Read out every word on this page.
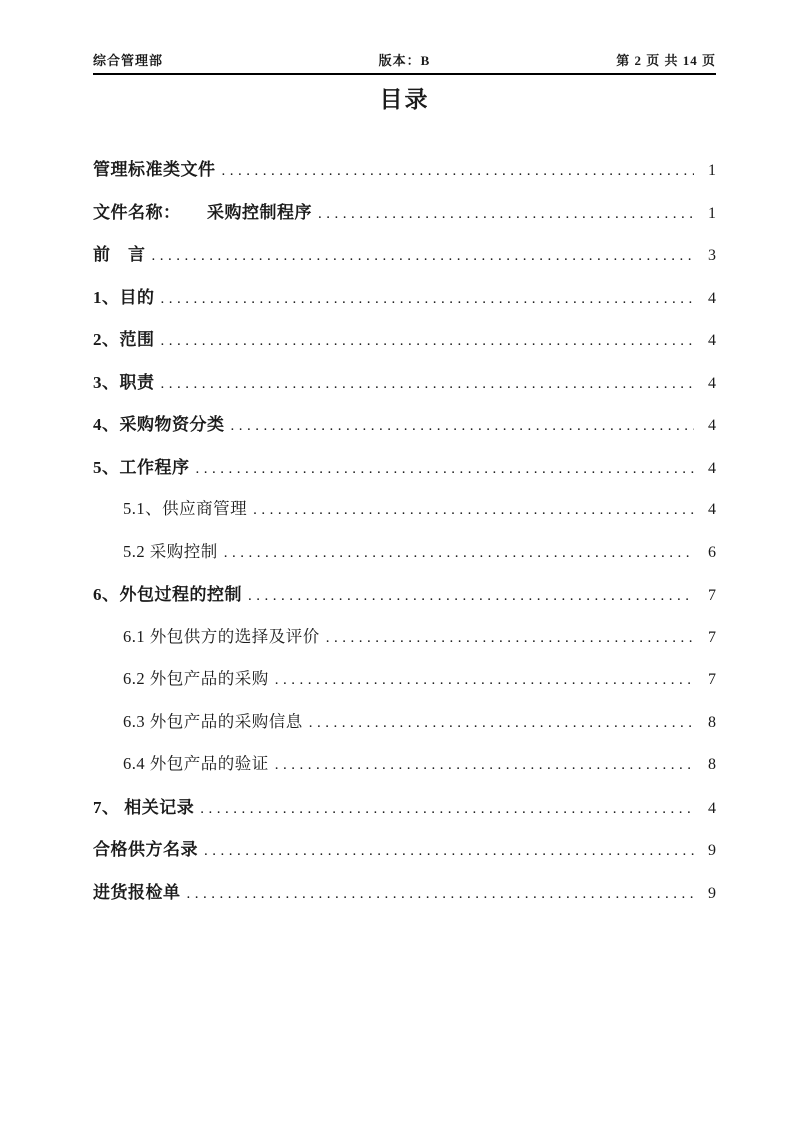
综合管理部	版本：B	第 2 页 共 14 页
目录
管理标准类文件 .....	1
文件名称：　　采购控制程序 .....	1
前　言 .....	3
1、目的 .....	4
2、范围 .....	4
3、职责 .....	4
4、采购物资分类 .....	4
5、工作程序 .....	4
5.1、供应商管理 .....	4
5.2 采购控制 .....	6
6、外包过程的控制 .....	7
6.1 外包供方的选择及评价 .....	7
6.2 外包产品的采购 .....	7
6.3 外包产品的采购信息 .....	8
6.4 外包产品的验证 .....	8
7、 相关记录 .....	4
合格供方名录 .....	9
进货报检单 .....	9
